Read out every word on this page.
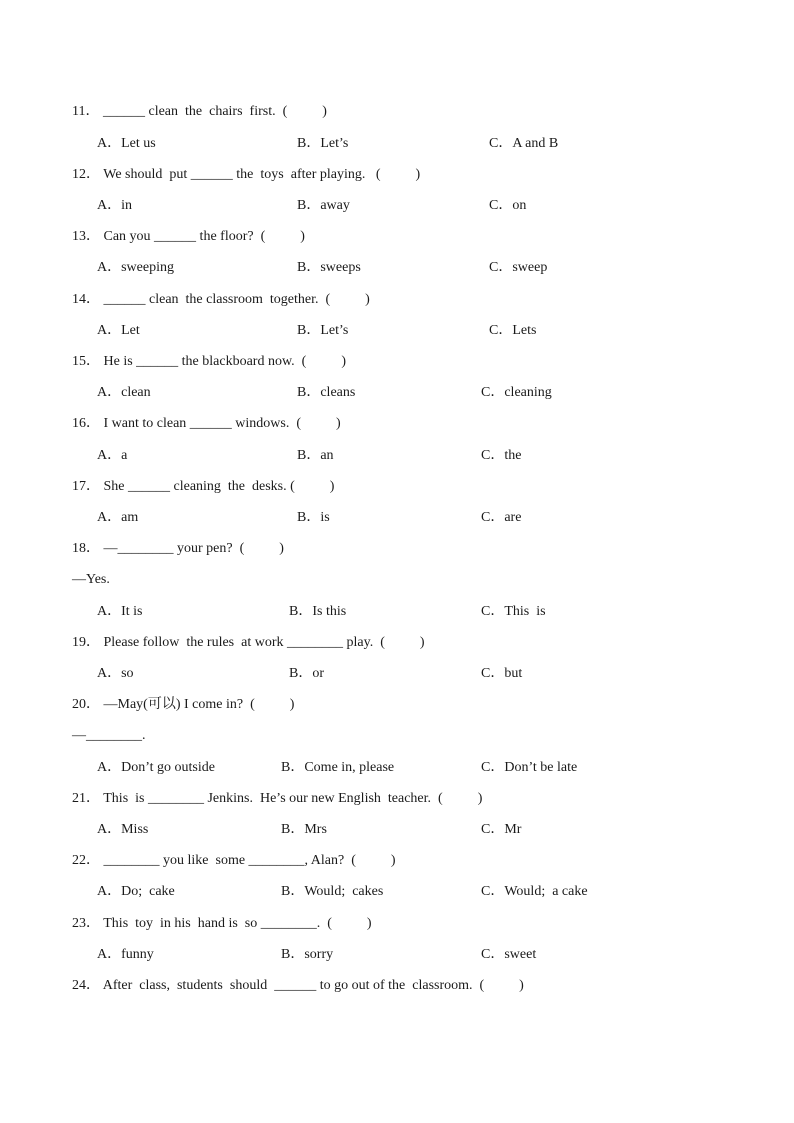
11． ______ clean  the  chairs  first.  (          )
A．Let us	B．Let’s	C．A and B
12． We should  put ______ the  toys  after playing.   (          )
A．in	B．away	C．on
13． Can you ______ the floor?  (          )
A．sweeping	B．sweeps	C．sweep
14． ______ clean  the classroom  together.  (          )
A．Let	B．Let’s	C．Lets
15． He is ______ the blackboard now.  (          )
A．clean	B．cleans	C．cleaning
16． I want to clean ______ windows.  (          )
A．a	B．an	C．the
17． She ______ cleaning  the  desks. (          )
A．am	B．is	C．are
18． —________ your pen?  (          )
—Yes.
A．It is	B．Is this	C．This  is
19． Please follow  the rules  at work ________ play.  (          )
A．so	B．or	C．but
20． —May(可以) I come in?  (          )
—________.
A．Don’t go outside	B．Come in, please	C．Don’t be late
21． This  is ________ Jenkins.  He’s our new English  teacher.  (          )
A．Miss	B．Mrs	C．Mr
22． ________ you like  some ________, Alan?  (          )
A．Do;  cake	B．Would;  cakes	C．Would;  a cake
23． This  toy  in his  hand is  so ________.  (          )
A．funny	B．sorry	C．sweet
24． After  class,  students  should  ______ to go out of the  classroom.  (          )
